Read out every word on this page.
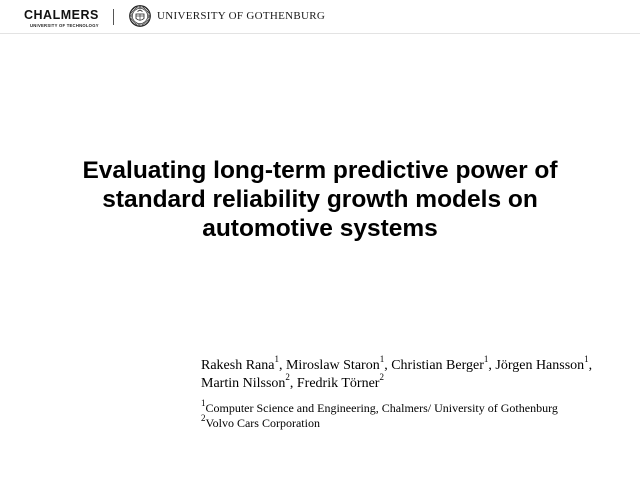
CHALMERS
UNIVERSITY OF TECHNOLOGY
UNIVERSITY OF GOTHENBURG
Evaluating long-term predictive power of
standard reliability growth models on
automotive systems
Rakesh Rana$^1$, Miroslaw Staron$^1$, Christian Berger$^1$, Jörgen Hansson$^1$,
Martin Nilsson$^2$, Fredrik Törner$^2$
$^1$Computer Science and Engineering, Chalmers/ University of Gothenburg
$^2$Volvo Cars Corporation
